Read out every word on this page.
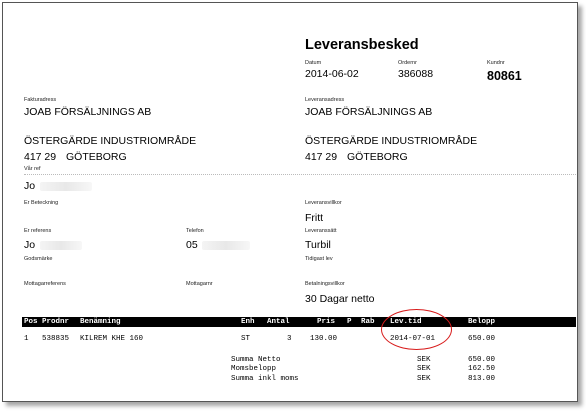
Leveransbesked
Datum
2014-06-02
Ordernr
386088
Kundnr
80861
Fakturadress
JOAB FÖRSÄLJNINGS AB
ÖSTERGÄRDE INDUSTRIOMRÅDE
417 29 GÖTEBORG
Leveransadress
JOAB FÖRSÄLJNINGS AB
ÖSTERGÄRDE INDUSTRIOMRÅDE
417 29 GÖTEBORG
Vår ref
Jo
Er Beteckning	Leveransvillkor
Fritt
Er referens
Jo
Telefon
05
Leveranssätt
Turbil
Godsmärke	Tidigast lev
Mottagarreferens	Mottagarnr	Betalningsvillkor
30 Dagar netto
Pos Prodnr Benämning	Enh Antal	Pris P Rab Lev.tid	Belopp
1 538835 KILREM KHE 160	ST	3 130.00	2014-07-01	650.00
Summa Netto	SEK	650.00
Momsbelopp	SEK	162.50
Summa inkl moms	SEK	813.00
